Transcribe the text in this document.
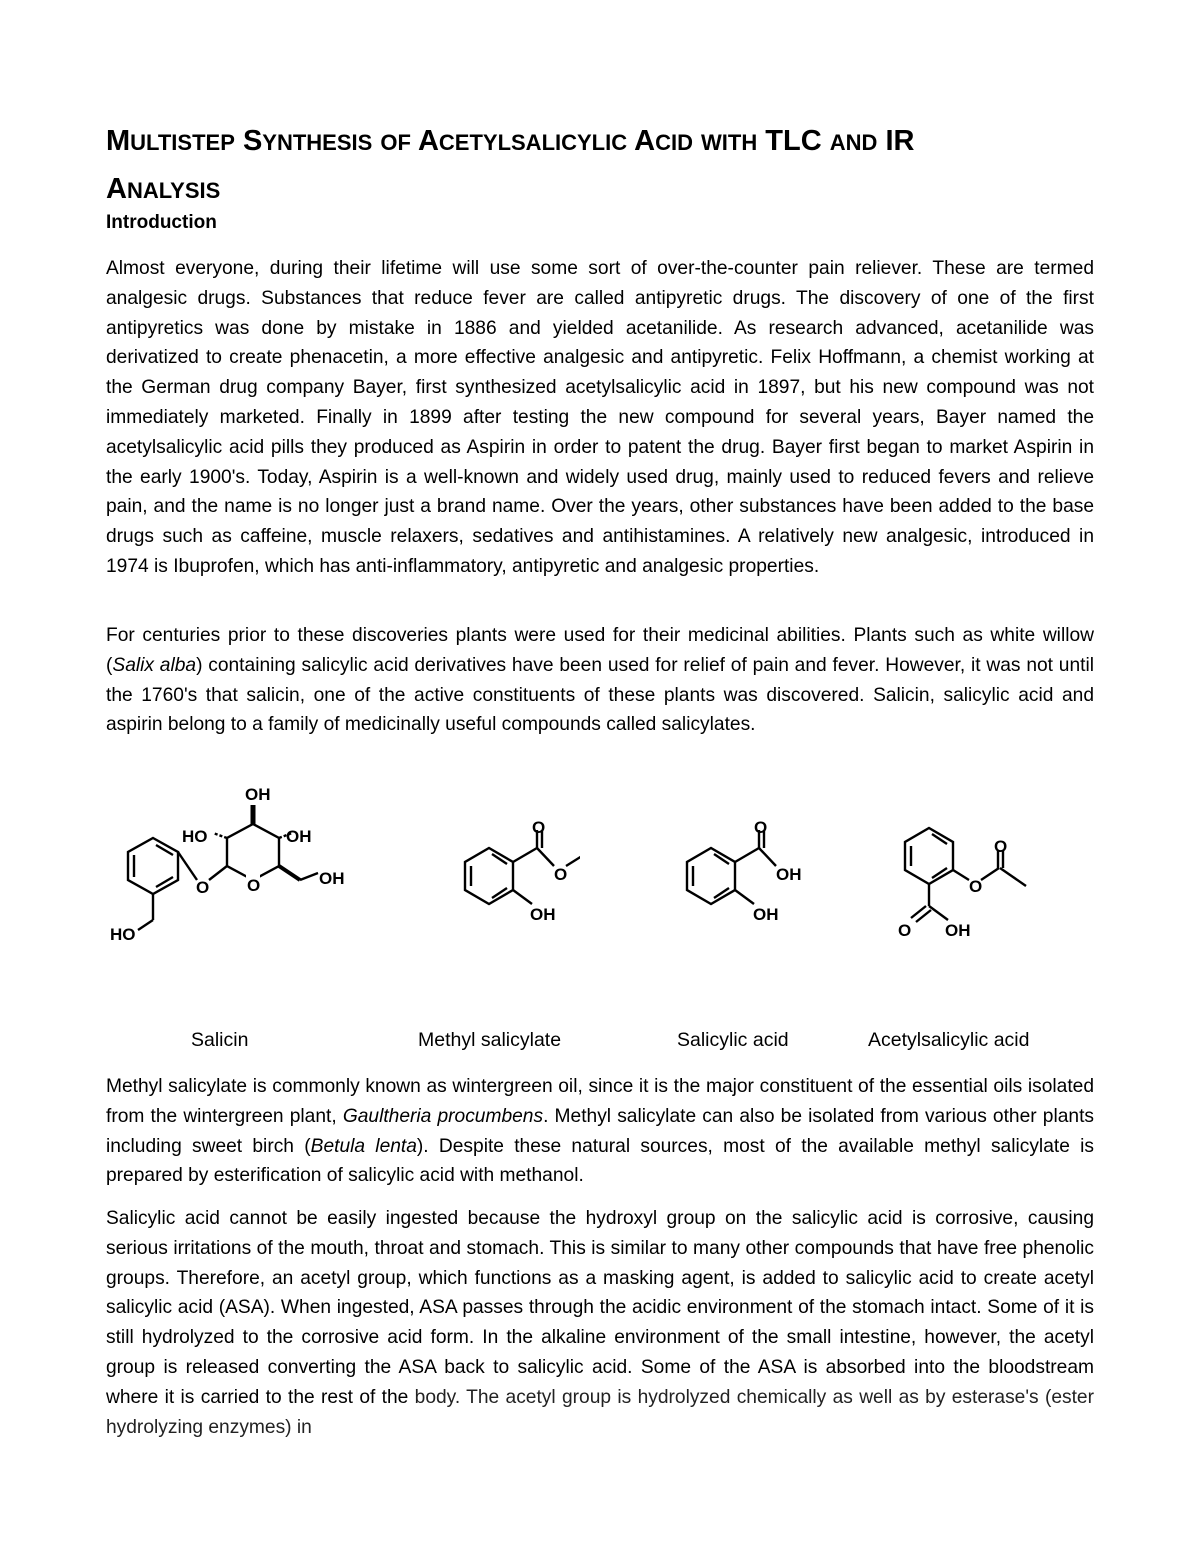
MULTISTEP SYNTHESIS OF ACETYLSALICYLIC ACID WITH TLC AND IR
ANALYSIS
Introduction

Almost everyone, during their lifetime will use some sort of over-the-counter pain reliever. These are termed analgesic drugs. Substances that reduce fever are called antipyretic drugs. The discovery of one of the first antipyretics was done by mistake in 1886 and yielded acetanilide. As research advanced, acetanilide was derivatized to create phenacetin, a more effective analgesic and antipyretic. Felix Hoffmann, a chemist working at the German drug company Bayer, first synthesized acetylsalicylic acid in 1897, but his new compound was not immediately marketed. Finally in 1899 after testing the new compound for several years, Bayer named the acetylsalicylic acid pills they produced as Aspirin in order to patent the drug. Bayer first began to market Aspirin in the early 1900's. Today, Aspirin is a well-known and widely used drug, mainly used to reduced fevers and relieve pain, and the name is no longer just a brand name. Over the years, other substances have been added to the base drugs such as caffeine, muscle relaxers, sedatives and antihistamines. A relatively new analgesic, introduced in 1974 is Ibuprofen, which has anti-inflammatory, antipyretic and analgesic properties.

For centuries prior to these discoveries plants were used for their medicinal abilities. Plants such as white willow (Salix alba) containing salicylic acid derivatives have been used for relief of pain and fever. However, it was not until the 1760's that salicin, one of the active constituents of these plants was discovered. Salicin, salicylic acid and aspirin belong to a family of medicinally useful compounds called salicylates.

OH
HO	OH
O O	OH
HO
O
O
OH
O
OH
OH
O
O
O OH
Salicin	Methyl salicylate	Salicylic acid	Acetylsalicylic acid

Methyl salicylate is commonly known as wintergreen oil, since it is the major constituent of the essential oils isolated from the wintergreen plant, Gaultheria procumbens. Methyl salicylate can also be isolated from various other plants including sweet birch (Betula lenta). Despite these natural sources, most of the available methyl salicylate is prepared by esterification of salicylic acid with methanol.

Salicylic acid cannot be easily ingested because the hydroxyl group on the salicylic acid is corrosive, causing serious irritations of the mouth, throat and stomach. This is similar to many other compounds that have free phenolic groups. Therefore, an acetyl group, which functions as a masking agent, is added to salicylic acid to create acetyl salicylic acid (ASA). When ingested, ASA passes through the acidic environment of the stomach intact. Some of it is still hydrolyzed to the corrosive acid form. In the alkaline environment of the small intestine, however, the acetyl group is released converting the ASA back to salicylic acid. Some of the ASA is absorbed into the bloodstream where it is carried to the rest of the body. The acetyl group is hydrolyzed chemically as well as by esterase's (ester hydrolyzing enzymes) in
